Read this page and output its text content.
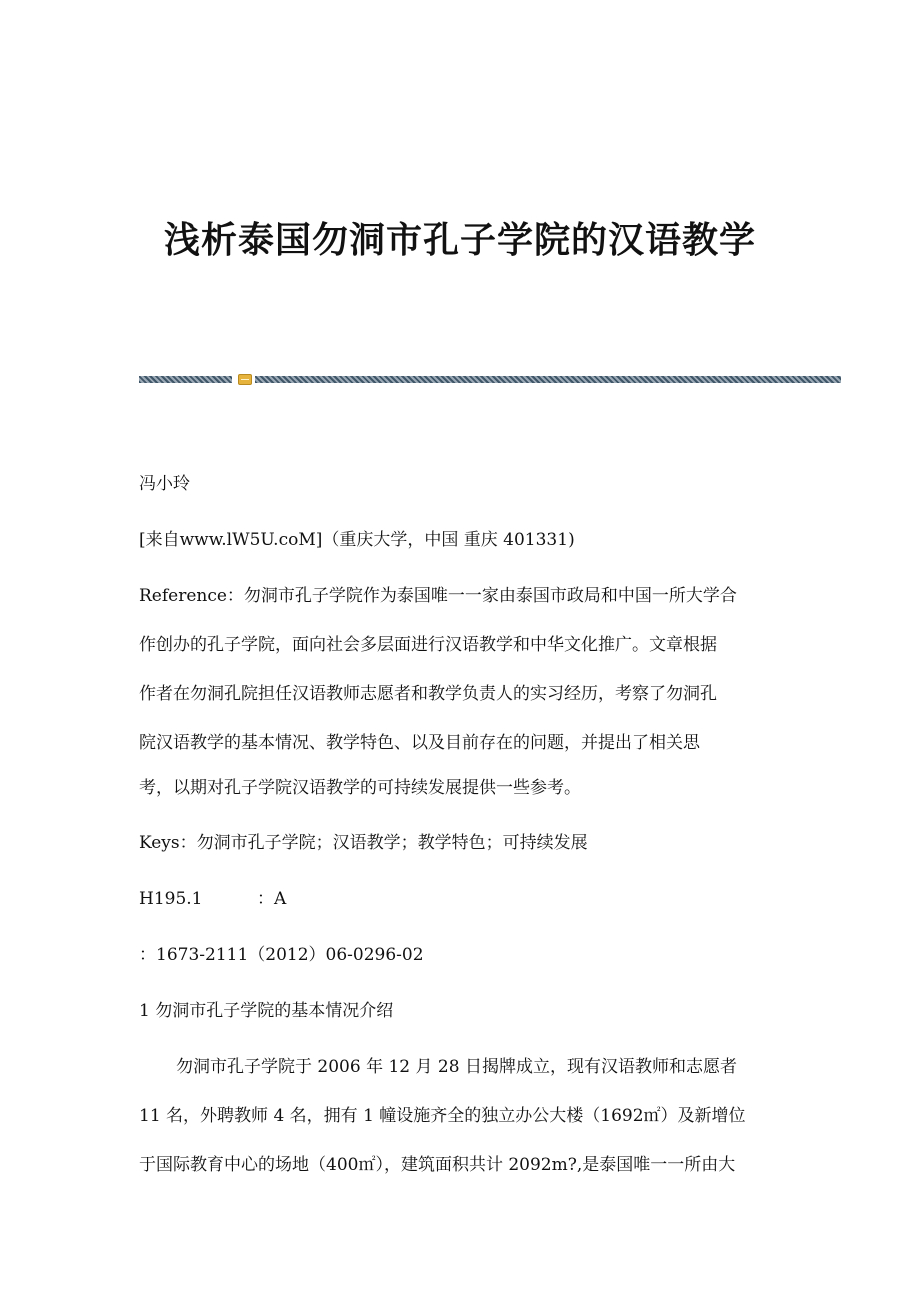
浅析泰国勿洞市孔子学院的汉语教学

冯小玲

[来自www.lW5U.coM]（重庆大学，中国 重庆 401331)

Reference：勿洞市孔子学院作为泰国唯一一家由泰国市政局和中国一所大学合

作创办的孔子学院，面向社会多层面进行汉语教学和中华文化推广。文章根据

作者在勿洞孔院担任汉语教师志愿者和教学负责人的实习经历，考察了勿洞孔

院汉语教学的基本情况、教学特色、以及目前存在的问题，并提出了相关思

考，以期对孔子学院汉语教学的可持续发展提供一些参考。

Keys：勿洞市孔子学院；汉语教学；教学特色；可持续发展

H195.1	：A

：1673-2111（2012）06-0296-02

1 勿洞市孔子学院的基本情况介绍

勿洞市孔子学院于 2006 年 12 月 28 日揭牌成立，现有汉语教师和志愿者

11 名，外聘教师 4 名，拥有 1 幢设施齐全的独立办公大楼（1692㎡）及新增位

于国际教育中心的场地（400㎡），建筑面积共计 2092m?,是泰国唯一一所由大
